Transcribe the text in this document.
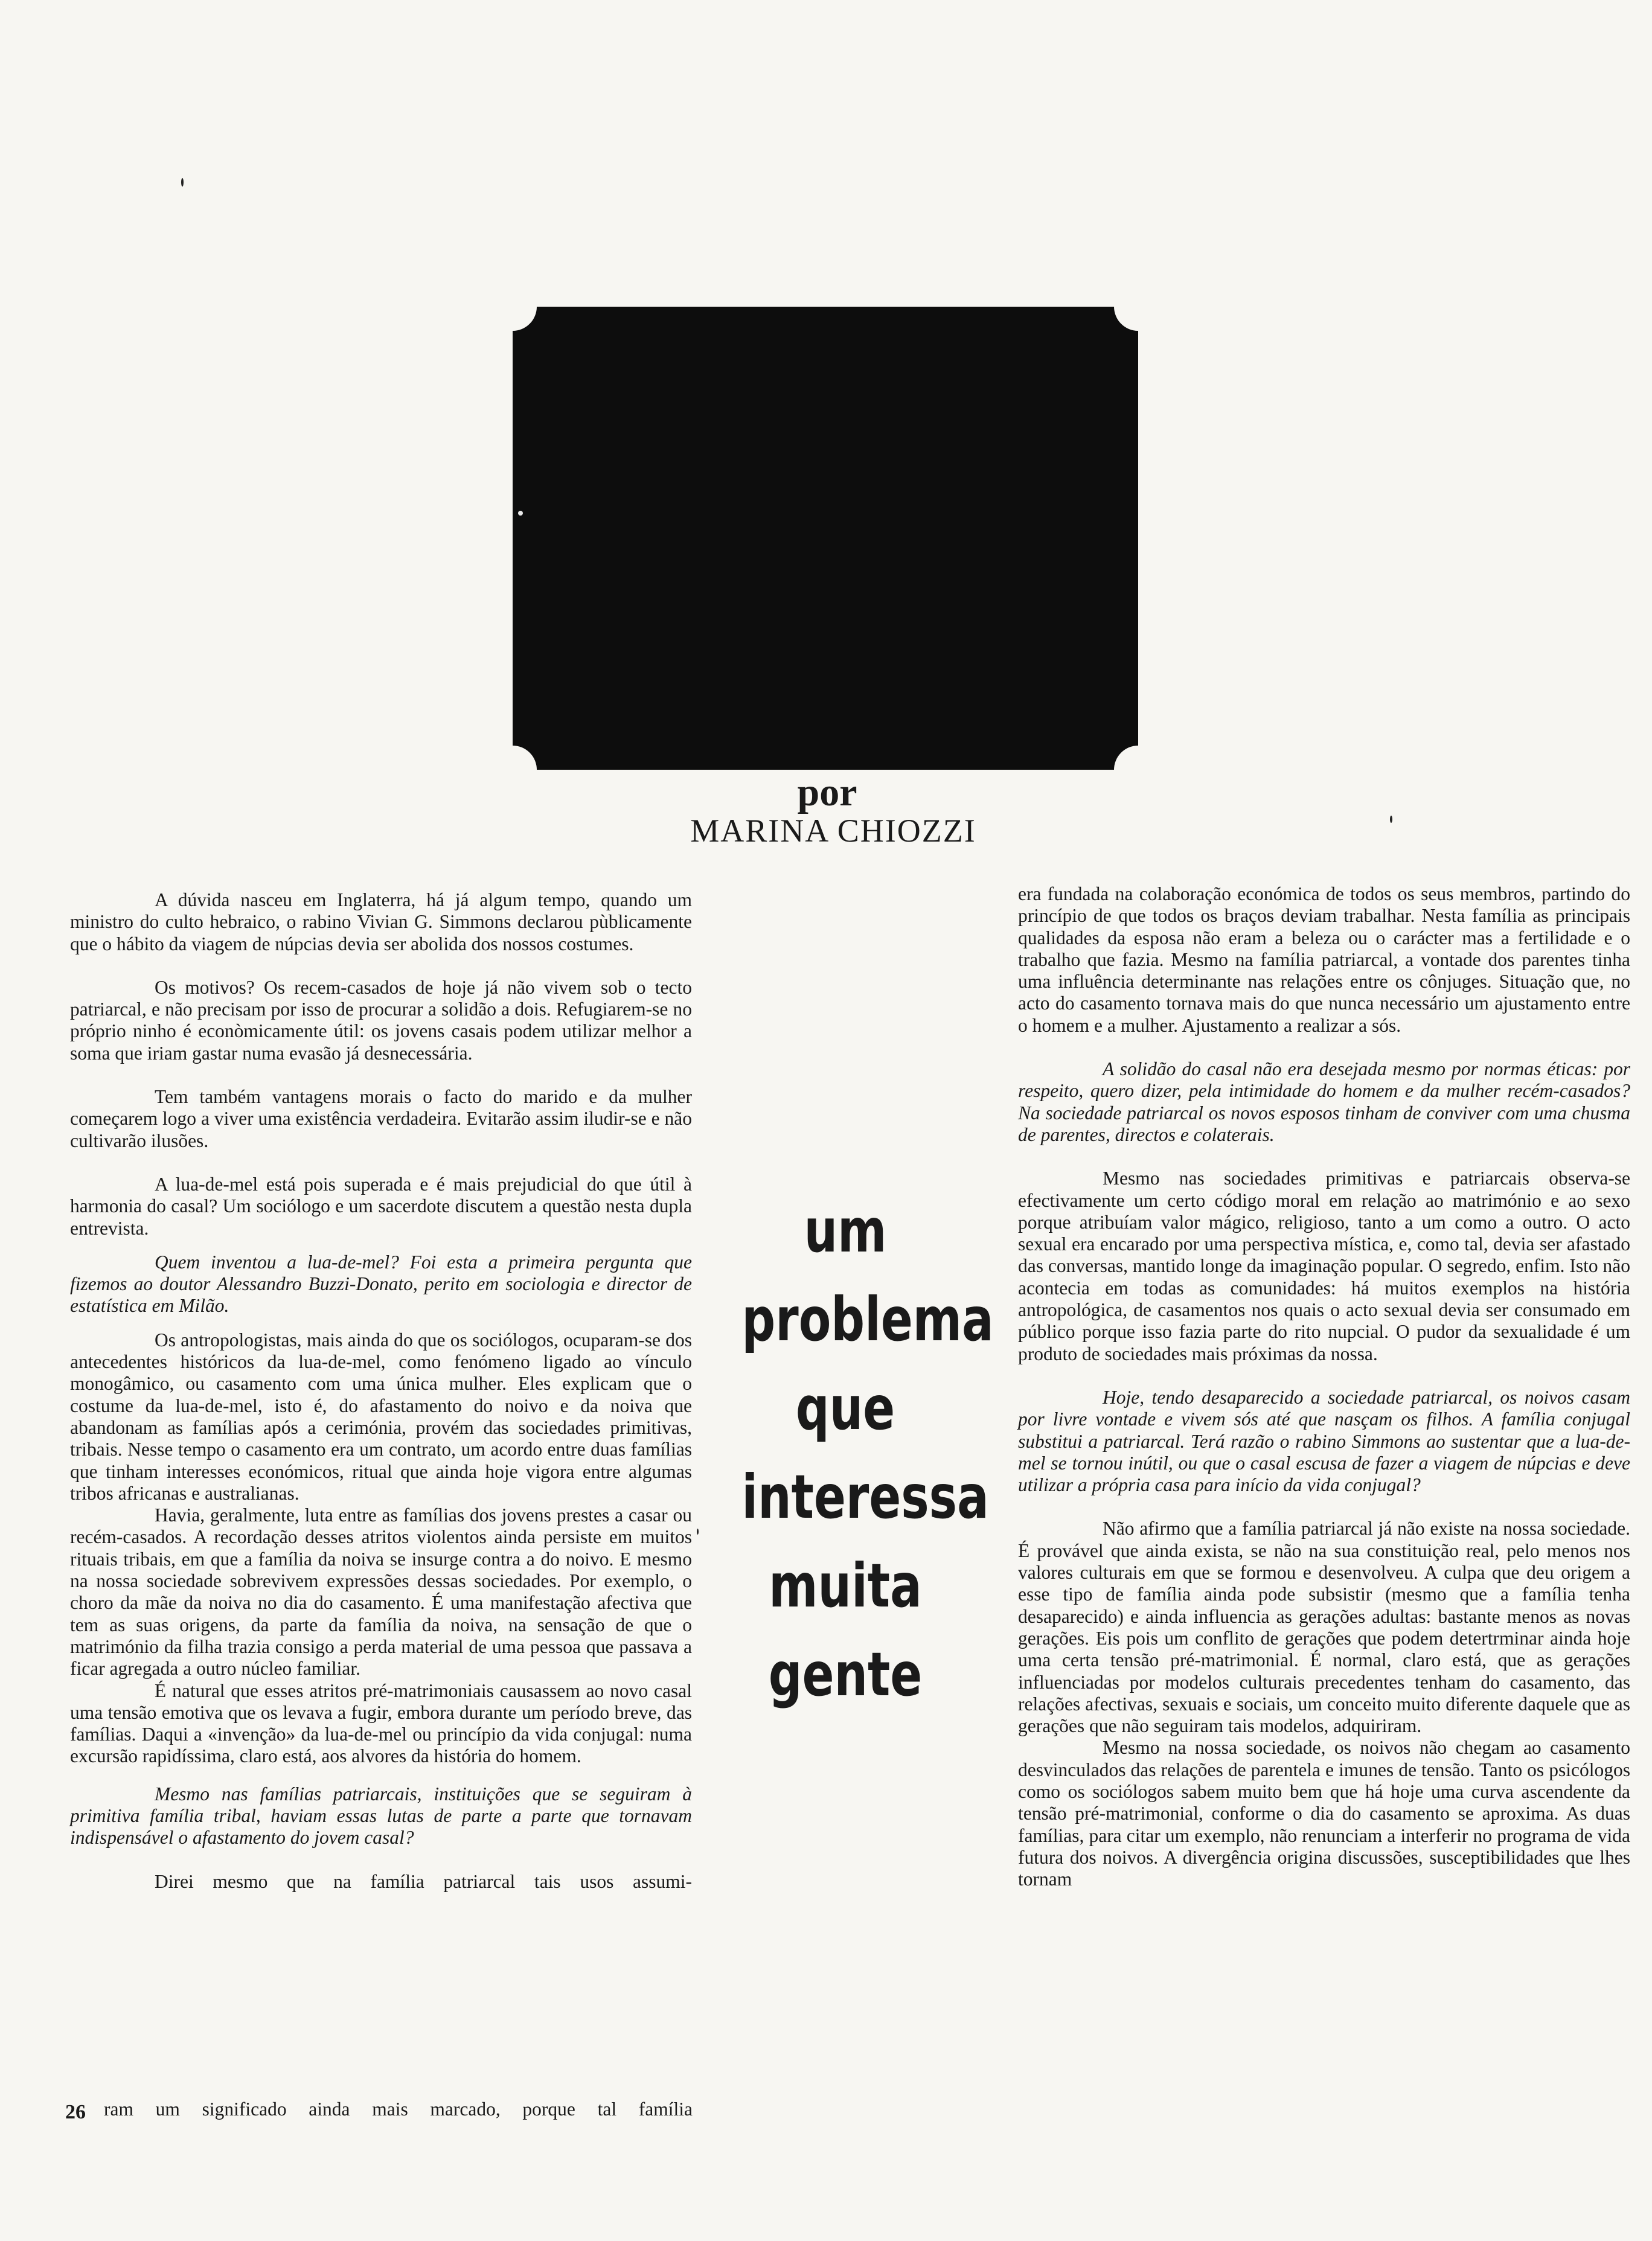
por
MARINA CHIOZZI

A dúvida nasceu em Inglaterra, há já algum tempo, quando um ministro do culto hebraico, o rabino Vivian G. Simmons declarou pùblicamente que o hábito da viagem de núpcias devia ser abolida dos nossos costumes.

Os motivos? Os recem-casados de hoje já não vivem sob o tecto patriarcal, e não precisam por isso de procurar a solidão a dois. Refugiarem-se no próprio ninho é econòmicamente útil: os jovens casais podem utilizar melhor a soma que iriam gastar numa evasão já desnecessária.

Tem também vantagens morais o facto do marido e da mulher começarem logo a viver uma existência verdadeira. Evitarão assim iludir-se e não cultivarão ilusões.

A lua-de-mel está pois superada e é mais prejudicial do que útil à harmonia do casal? Um sociólogo e um sacerdote discutem a questão nesta dupla entrevista.

Quem inventou a lua-de-mel? Foi esta a primeira pergunta que fizemos ao doutor Alessandro Buzzi-Donato, perito em sociologia e director de estatística em Milão.

Os antropologistas, mais ainda do que os sociólogos, ocuparam-se dos antecedentes históricos da lua-de-mel, como fenómeno ligado ao vínculo monogâmico, ou casamento com uma única mulher. Eles explicam que o costume da lua-de-mel, isto é, do afastamento do noivo e da noiva que abandonam as famílias após a cerimónia, provém das sociedades primitivas, tribais. Nesse tempo o casamento era um contrato, um acordo entre duas famílias que tinham interesses económicos, ritual que ainda hoje vigora entre algumas tribos africanas e australianas.

Havia, geralmente, luta entre as famílias dos jovens prestes a casar ou recém-casados. A recordação desses atritos violentos ainda persiste em muitos rituais tribais, em que a família da noiva se insurge contra a do noivo. E mesmo na nossa sociedade sobrevivem expressões dessas sociedades. Por exemplo, o choro da mãe da noiva no dia do casamento. É uma manifestação afectiva que tem as suas origens, da parte da família da noiva, na sensação de que o matrimónio da filha trazia consigo a perda material de uma pessoa que passava a ficar agregada a outro núcleo familiar.

É natural que esses atritos pré-matrimoniais causassem ao novo casal uma tensão emotiva que os levava a fugir, embora durante um período breve, das famílias. Daqui a «invenção» da lua-de-mel ou princípio da vida conjugal: numa excursão rapidíssima, claro está, aos alvores da história do homem.

Mesmo nas famílias patriarcais, instituições que se seguiram à primitiva família tribal, haviam essas lutas de parte a parte que tornavam indispensável o afastamento do jovem casal?

Direi mesmo que na família patriarcal tais usos assumi-

26 ram um significado ainda mais marcado, porque tal família
um
problema
que
interessa
muita
gente

era fundada na colaboração económica de todos os seus membros, partindo do princípio de que todos os braços deviam trabalhar. Nesta família as principais qualidades da esposa não eram a beleza ou o carácter mas a fertilidade e o trabalho que fazia. Mesmo na família patriarcal, a vontade dos parentes tinha uma influência determinante nas relações entre os cônjuges. Situação que, no acto do casamento tornava mais do que nunca necessário um ajustamento entre o homem e a mulher. Ajustamento a realizar a sós.

A solidão do casal não era desejada mesmo por normas éticas: por respeito, quero dizer, pela intimidade do homem e da mulher recém-casados? Na sociedade patriarcal os novos esposos tinham de conviver com uma chusma de parentes, directos e colaterais.

Mesmo nas sociedades primitivas e patriarcais observa-se efectivamente um certo código moral em relação ao matrimónio e ao sexo porque atribuíam valor mágico, religioso, tanto a um como a outro. O acto sexual era encarado por uma perspectiva mística, e, como tal, devia ser afastado das conversas, mantido longe da imaginação popular. O segredo, enfim. Isto não acontecia em todas as comunidades: há muitos exemplos na história antropológica, de casamentos nos quais o acto sexual devia ser consumado em público porque isso fazia parte do rito nupcial. O pudor da sexualidade é um produto de sociedades mais próximas da nossa.

Hoje, tendo desaparecido a sociedade patriarcal, os noivos casam por livre vontade e vivem sós até que nasçam os filhos. A família conjugal substitui a patriarcal. Terá razão o rabino Simmons ao sustentar que a lua-de-mel se tornou inútil, ou que o casal escusa de fazer a viagem de núpcias e deve utilizar a própria casa para início da vida conjugal?

Não afirmo que a família patriarcal já não existe na nossa sociedade. É provável que ainda exista, se não na sua constituição real, pelo menos nos valores culturais em que se formou e desenvolveu. A culpa que deu origem a esse tipo de família ainda pode subsistir (mesmo que a família tenha desaparecido) e ainda influencia as gerações adultas: bastante menos as novas gerações. Eis pois um conflito de gerações que podem detertrminar ainda hoje uma certa tensão pré-matrimonial. É normal, claro está, que as gerações influenciadas por modelos culturais precedentes tenham do casamento, das relações afectivas, sexuais e sociais, um conceito muito diferente daquele que as gerações que não seguiram tais modelos, adquiriram.

Mesmo na nossa sociedade, os noivos não chegam ao casamento desvinculados das relações de parentela e imunes de tensão. Tanto os psicólogos como os sociólogos sabem muito bem que há hoje uma curva ascendente da tensão pré-matrimonial, conforme o dia do casamento se aproxima. As duas famílias, para citar um exemplo, não renunciam a interferir no programa de vida futura dos noivos. A divergência origina discussões, susceptibilidades que lhes tornam
